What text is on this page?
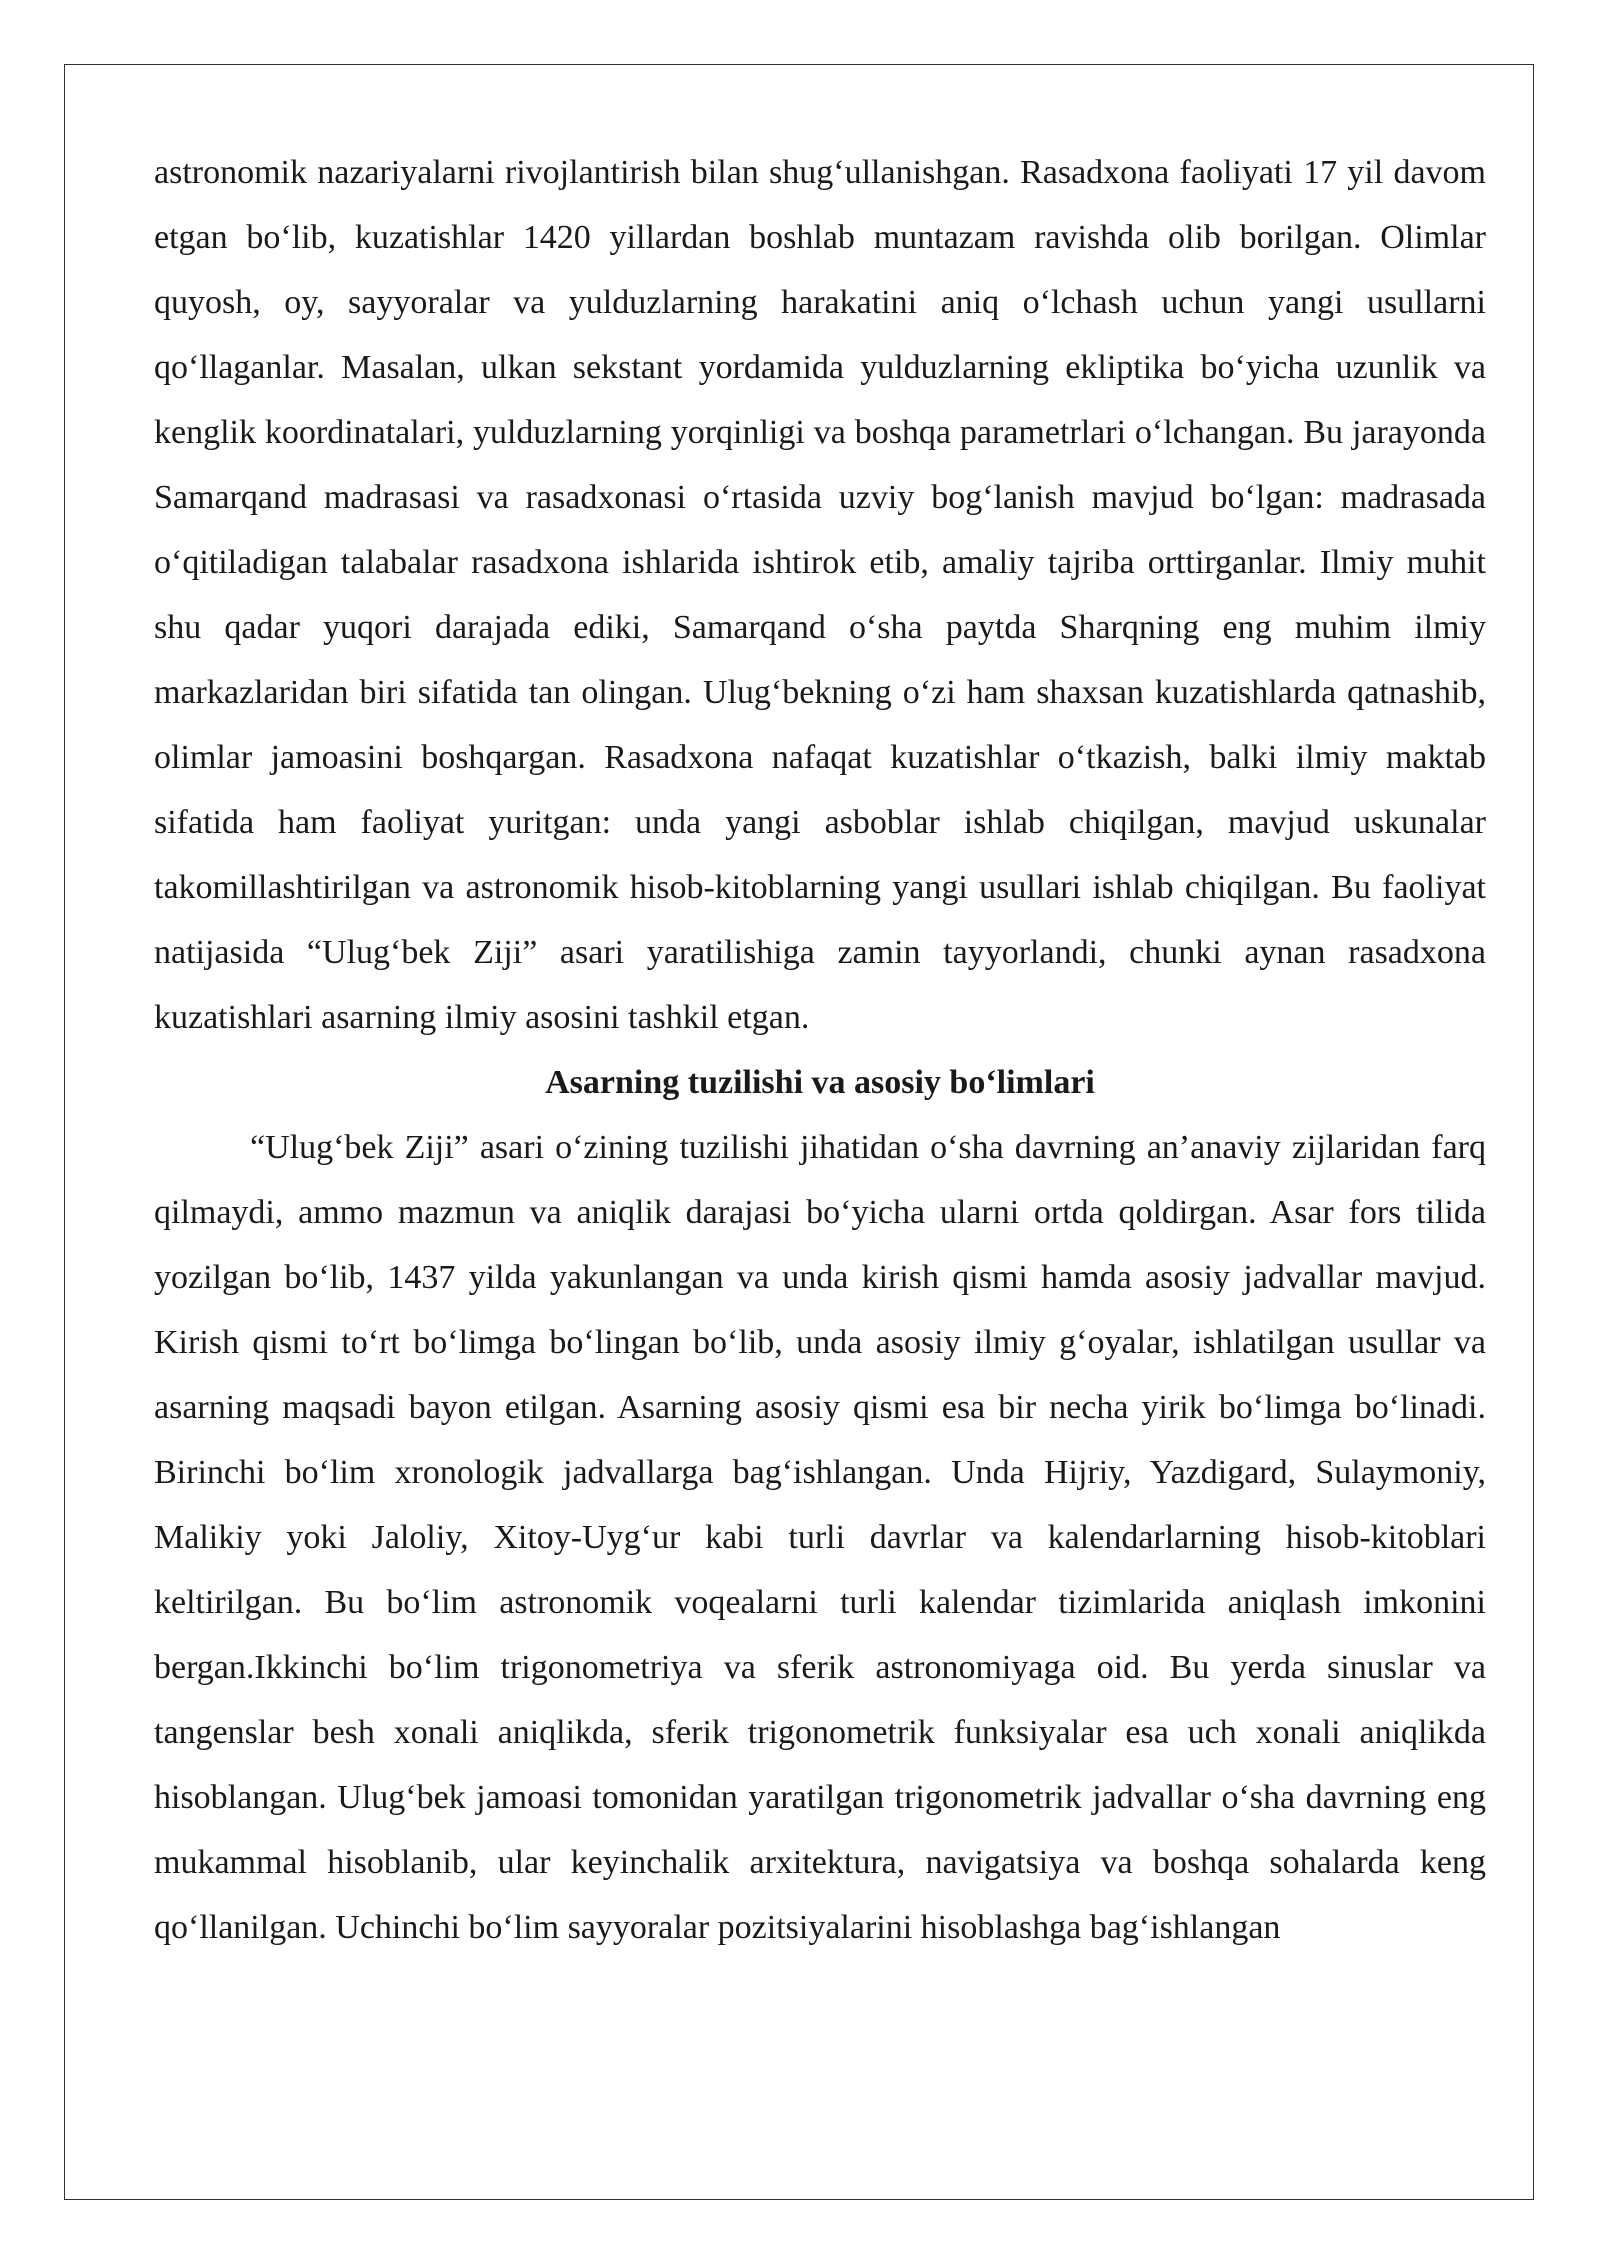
astronomik nazariyalarni rivojlantirish bilan shug‘ullanishgan. Rasadxona faoliyati 17 yil davom etgan bo‘lib, kuzatishlar 1420 yillardan boshlab muntazam ravishda olib borilgan. Olimlar quyosh, oy, sayyoralar va yulduzlarning harakatini aniq o‘lchash uchun yangi usullarni qo‘llaganlar. Masalan, ulkan sekstant yordamida yulduzlarning ekliptika bo‘yicha uzunlik va kenglik koordinatalari, yulduzlarning yorqinligi va boshqa parametrlari o‘lchangan. Bu jarayonda Samarqand madrasasi va rasadxonasi o‘rtasida uzviy bog‘lanish mavjud bo‘lgan: madrasada o‘qitiladigan talabalar rasadxona ishlarida ishtirok etib, amaliy tajriba orttirganlar. Ilmiy muhit shu qadar yuqori darajada ediki, Samarqand o‘sha paytda Sharqning eng muhim ilmiy markazlaridan biri sifatida tan olingan. Ulug‘bekning o‘zi ham shaxsan kuzatishlarda qatnashib, olimlar jamoasini boshqargan. Rasadxona nafaqat kuzatishlar o‘tkazish, balki ilmiy maktab sifatida ham faoliyat yuritgan: unda yangi asboblar ishlab chiqilgan, mavjud uskunalar takomillashtirilgan va astronomik hisob-kitoblarning yangi usullari ishlab chiqilgan. Bu faoliyat natijasida “Ulug‘bek Ziji” asari yaratilishiga zamin tayyorlandi, chunki aynan rasadxona kuzatishlari asarning ilmiy asosini tashkil etgan.

Asarning tuzilishi va asosiy bo‘limlari

“Ulug‘bek Ziji” asari o‘zining tuzilishi jihatidan o‘sha davrning an’anaviy zijlaridan farq qilmaydi, ammo mazmun va aniqlik darajasi bo‘yicha ularni ortda qoldirgan. Asar fors tilida yozilgan bo‘lib, 1437 yilda yakunlangan va unda kirish qismi hamda asosiy jadvallar mavjud. Kirish qismi to‘rt bo‘limga bo‘lingan bo‘lib, unda asosiy ilmiy g‘oyalar, ishlatilgan usullar va asarning maqsadi bayon etilgan. Asarning asosiy qismi esa bir necha yirik bo‘limga bo‘linadi. Birinchi bo‘lim xronologik jadvallarga bag‘ishlangan. Unda Hijriy, Yazdigard, Sulaymoniy, Malikiy yoki Jaloliy, Xitoy-Uyg‘ur kabi turli davrlar va kalendarlarning hisob-kitoblari keltirilgan. Bu bo‘lim astronomik voqealarni turli kalendar tizimlarida aniqlash imkonini bergan.Ikkinchi bo‘lim trigonometriya va sferik astronomiyaga oid. Bu yerda sinuslar va tangenslar besh xonali aniqlikda, sferik trigonometrik funksiyalar esa uch xonali aniqlikda hisoblangan. Ulug‘bek jamoasi tomonidan yaratilgan trigonometrik jadvallar o‘sha davrning eng mukammal hisoblanib, ular keyinchalik arxitektura, navigatsiya va boshqa sohalarda keng qo‘llanilgan. Uchinchi bo‘lim sayyoralar pozitsiyalarini hisoblashga bag‘ishlangan
